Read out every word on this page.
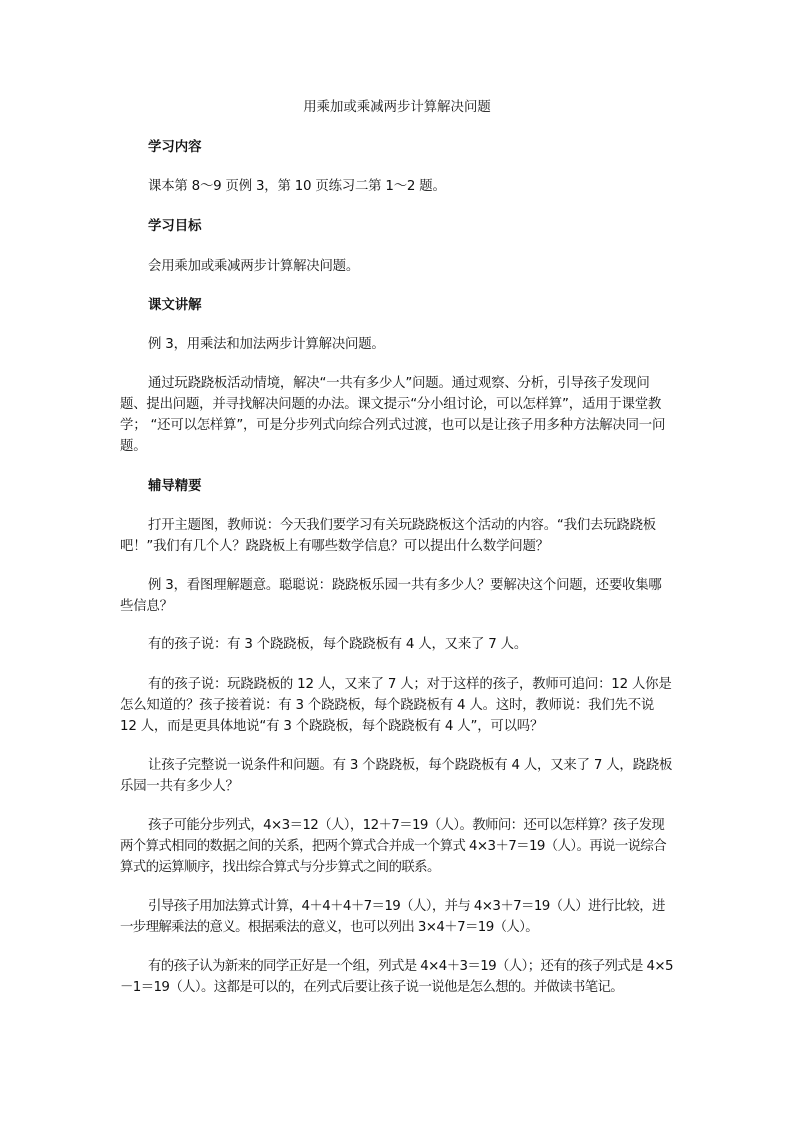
用乘加或乘减两步计算解决问题

学习内容

课本第 8～9 页例 3，第 10 页练习二第 1～2 题。

学习目标

会用乘加或乘减两步计算解决问题。

课文讲解

例 3，用乘法和加法两步计算解决问题。

通过玩跷跷板活动情境，解决“一共有多少人”问题。通过观察、分析，引导孩子发现问题、提出问题，并寻找解决问题的办法。课文提示“分小组讨论，可以怎样算”，适用于课堂教学； “还可以怎样算”，可是分步列式向综合列式过渡，也可以是让孩子用多种方法解决同一问题。

辅导精要

打开主题图，教师说：今天我们要学习有关玩跷跷板这个活动的内容。“我们去玩跷跷板吧！”我们有几个人？跷跷板上有哪些数学信息？可以提出什么数学问题？

例 3，看图理解题意。聪聪说：跷跷板乐园一共有多少人？要解决这个问题，还要收集哪些信息？

有的孩子说：有 3 个跷跷板，每个跷跷板有 4 人，又来了 7 人。

有的孩子说：玩跷跷板的 12 人，又来了 7 人；对于这样的孩子，教师可追问：12 人你是怎么知道的？孩子接着说：有 3 个跷跷板，每个跷跷板有 4 人。这时，教师说：我们先不说 12 人，而是更具体地说“有 3 个跷跷板，每个跷跷板有 4 人”，可以吗？

让孩子完整说一说条件和问题。有 3 个跷跷板，每个跷跷板有 4 人，又来了 7 人，跷跷板乐园一共有多少人？

孩子可能分步列式，4×3＝12（人），12＋7＝19（人）。教师问：还可以怎样算？孩子发现两个算式相同的数据之间的关系，把两个算式合并成一个算式 4×3＋7＝19（人）。再说一说综合算式的运算顺序，找出综合算式与分步算式之间的联系。

引导孩子用加法算式计算，4＋4＋4＋7＝19（人），并与 4×3＋7＝19（人）进行比较，进一步理解乘法的意义。根据乘法的意义，也可以列出 3×4＋7＝19（人）。

有的孩子认为新来的同学正好是一个组，列式是 4×4＋3＝19（人）；还有的孩子列式是 4×5－1＝19（人）。这都是可以的，在列式后要让孩子说一说他是怎么想的。并做读书笔记。
